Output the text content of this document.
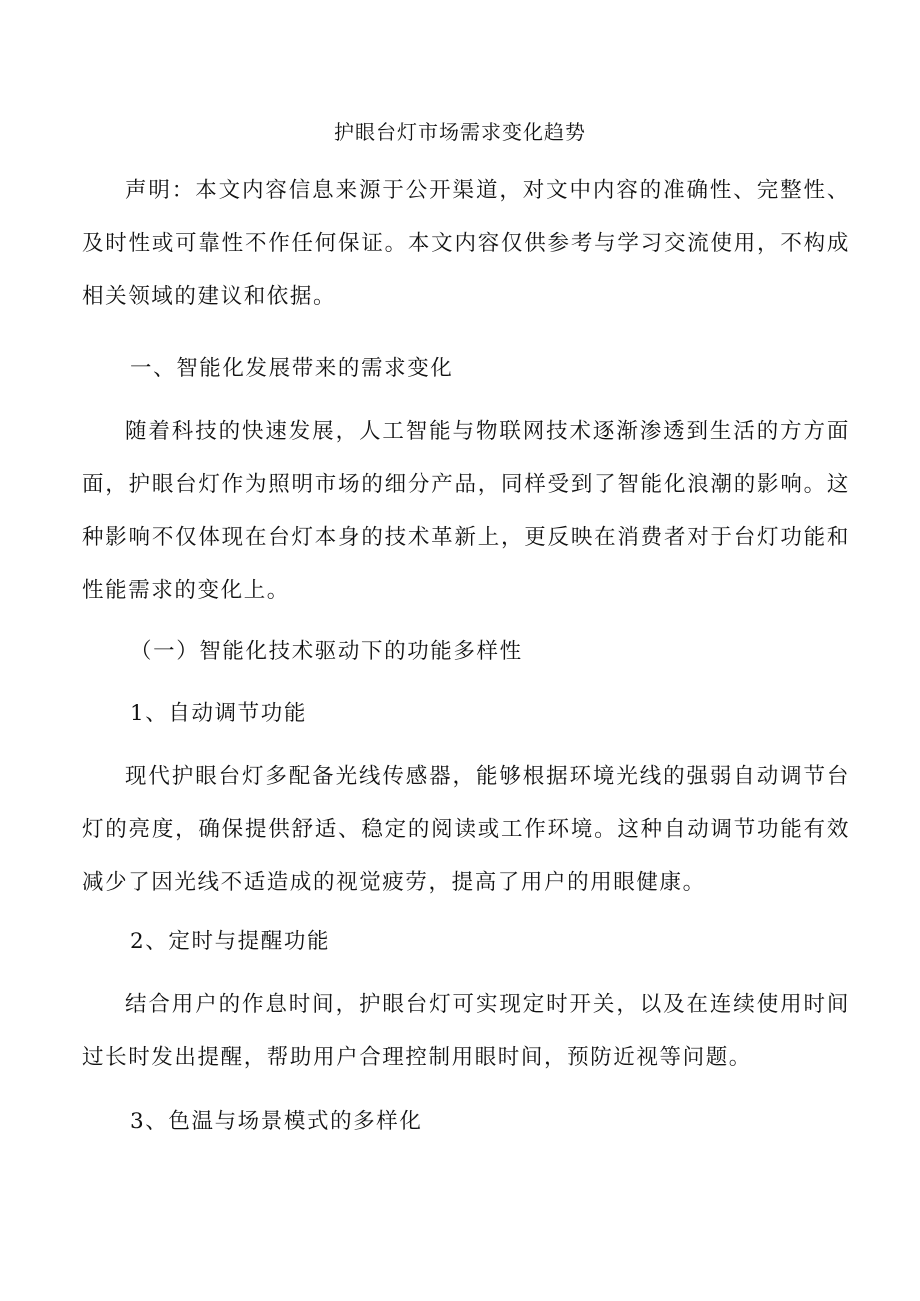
护眼台灯市场需求变化趋势

声明：本文内容信息来源于公开渠道，对文中内容的准确性、完整性、及时性或可靠性不作任何保证。本文内容仅供参考与学习交流使用，不构成相关领域的建议和依据。

一、智能化发展带来的需求变化

随着科技的快速发展，人工智能与物联网技术逐渐渗透到生活的方方面面，护眼台灯作为照明市场的细分产品，同样受到了智能化浪潮的影响。这种影响不仅体现在台灯本身的技术革新上，更反映在消费者对于台灯功能和性能需求的变化上。

（一）智能化技术驱动下的功能多样性

1、自动调节功能

现代护眼台灯多配备光线传感器，能够根据环境光线的强弱自动调节台灯的亮度，确保提供舒适、稳定的阅读或工作环境。这种自动调节功能有效减少了因光线不适造成的视觉疲劳，提高了用户的用眼健康。

2、定时与提醒功能

结合用户的作息时间，护眼台灯可实现定时开关，以及在连续使用时间过长时发出提醒，帮助用户合理控制用眼时间，预防近视等问题。

3、色温与场景模式的多样化
